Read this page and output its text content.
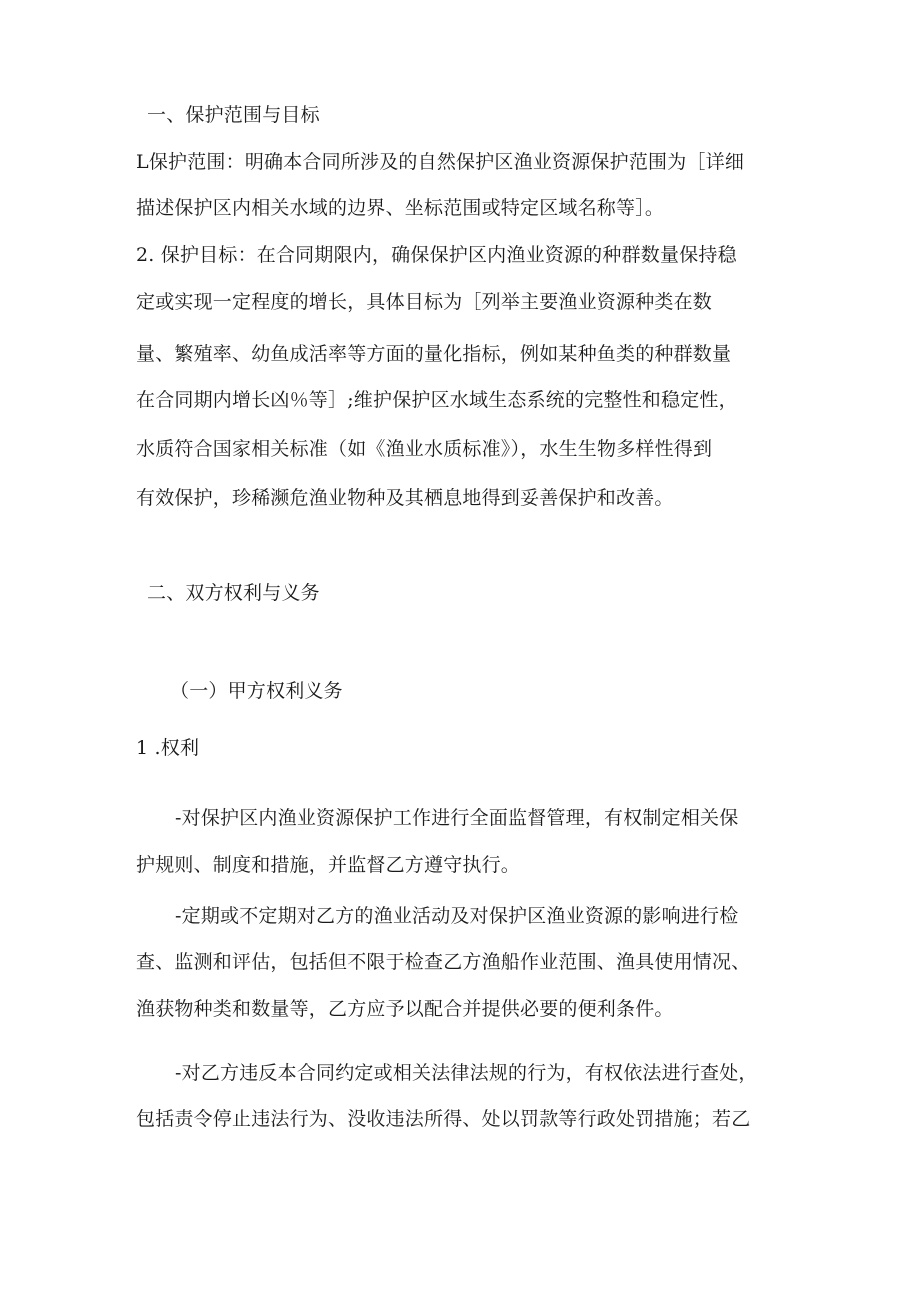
一、保护范围与目标
L保护范围：明确本合同所涉及的自然保护区渔业资源保护范围为［详细
描述保护区内相关水域的边界、坐标范围或特定区域名称等］。
2. 保护目标：在合同期限内，确保保护区内渔业资源的种群数量保持稳
定或实现一定程度的增长，具体目标为［列举主要渔业资源种类在数
量、繁殖率、幼鱼成活率等方面的量化指标，例如某种鱼类的种群数量
在合同期内增长凶％等］;维护保护区水域生态系统的完整性和稳定性，
水质符合国家相关标准（如《渔业水质标准》），水生生物多样性得到
有效保护，珍稀濒危渔业物种及其栖息地得到妥善保护和改善。
二、双方权利与义务
（一）甲方权利义务
1 .权利
-对保护区内渔业资源保护工作进行全面监督管理，有权制定相关保
护规则、制度和措施，并监督乙方遵守执行。
-定期或不定期对乙方的渔业活动及对保护区渔业资源的影响进行检
查、监测和评估，包括但不限于检查乙方渔船作业范围、渔具使用情况、
渔获物种类和数量等，乙方应予以配合并提供必要的便利条件。
-对乙方违反本合同约定或相关法律法规的行为，有权依法进行查处，
包括责令停止违法行为、没收违法所得、处以罚款等行政处罚措施；若乙
